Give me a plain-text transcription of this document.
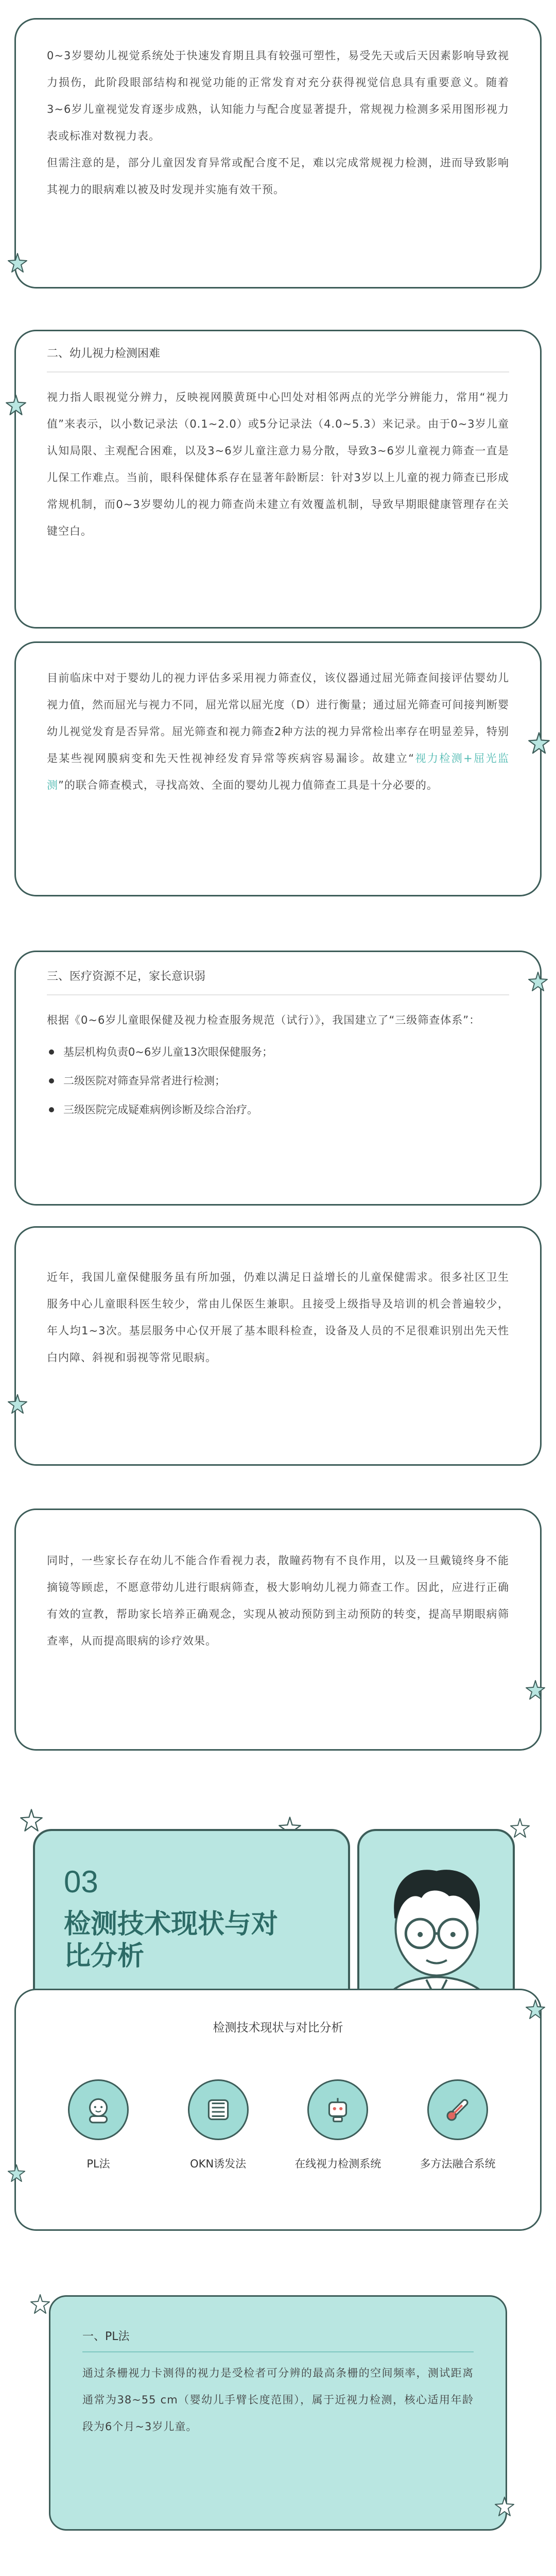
0~3岁婴幼儿视觉系统处于快速发育期且具有较强可塑性，易受先天或后天因素影响导致视力损伤，此阶段眼部结构和视觉功能的正常发育对充分获得视觉信息具有重要意义。随着3~6岁儿童视觉发育逐步成熟，认知能力与配合度显著提升，常规视力检测多采用图形视力表或标准对数视力表。

但需注意的是，部分儿童因发育异常或配合度不足，难以完成常规视力检测，进而导致影响其视力的眼病难以被及时发现并实施有效干预。

二、幼儿视力检测困难

视力指人眼视觉分辨力，反映视网膜黄斑中心凹处对相邻两点的光学分辨能力，常用“视力值”来表示，以小数记录法（0.1~2.0）或5分记录法（4.0~5.3）来记录。由于0~3岁儿童认知局限、主观配合困难，以及3~6岁儿童注意力易分散，导致3~6岁儿童视力筛查一直是儿保工作难点。当前，眼科保健体系存在显著年龄断层：针对3岁以上儿童的视力筛查已形成常规机制，而0~3岁婴幼儿的视力筛查尚未建立有效覆盖机制，导致早期眼健康管理存在关键空白。

目前临床中对于婴幼儿的视力评估多采用视力筛查仪，该仪器通过屈光筛查间接评估婴幼儿视力值，然而屈光与视力不同，屈光常以屈光度（D）进行衡量；通过屈光筛查可间接判断婴幼儿视觉发育是否异常。屈光筛查和视力筛查2种方法的视力异常检出率存在明显差异，特别是某些视网膜病变和先天性视神经发育异常等疾病容易漏诊。故建立“视力检测+屈光监测”的联合筛查模式，寻找高效、全面的婴幼儿视力值筛查工具是十分必要的。

三、医疗资源不足，家长意识弱

根据《0~6岁儿童眼保健及视力检查服务规范（试行）》，我国建立了“三级筛查体系”：

基层机构负责0~6岁儿童13次眼保健服务；
二级医院对筛查异常者进行检测；
三级医院完成疑难病例诊断及综合治疗。

近年，我国儿童保健服务虽有所加强，仍难以满足日益增长的儿童保健需求。很多社区卫生服务中心儿童眼科医生较少，常由儿保医生兼职。且接受上级指导及培训的机会普遍较少，年人均1~3次。基层服务中心仅开展了基本眼科检查，设备及人员的不足很难识别出先天性白内障、斜视和弱视等常见眼病。

同时，一些家长存在幼儿不能合作看视力表，散瞳药物有不良作用，以及一旦戴镜终身不能摘镜等顾虑，不愿意带幼儿进行眼病筛查，极大影响幼儿视力筛查工作。因此，应进行正确有效的宣教，帮助家长培养正确观念，实现从被动预防到主动预防的转变，提高早期眼病筛查率，从而提高眼病的诊疗效果。

03
检测技术现状与对比分析
检测技术现状与对比分析
PL法	OKN诱发法	在线视力检测系统	多方法融合系统
一、PL法

通过条栅视力卡测得的视力是受检者可分辨的最高条栅的空间频率，测试距离通常为38~55 cm（婴幼儿手臂长度范围），属于近视力检测，核心适用年龄段为6个月~3岁儿童。
